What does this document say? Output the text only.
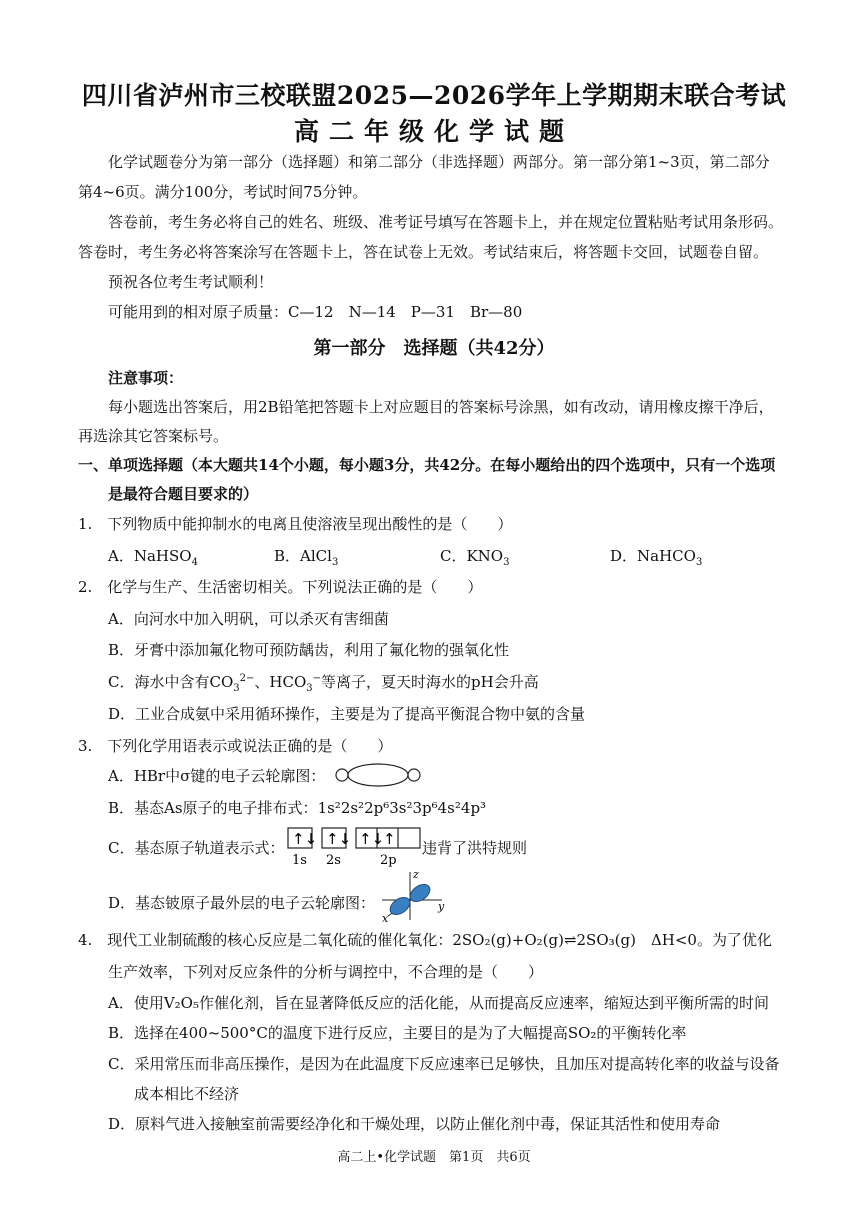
四川省泸州市三校联盟2025—2026学年上学期期末联合考试
高二年级化学试题
化学试题卷分为第一部分（选择题）和第二部分（非选择题）两部分。第一部分第1~3页，第二部分
第4~6页。满分100分，考试时间75分钟。
答卷前，考生务必将自己的姓名、班级、准考证号填写在答题卡上，并在规定位置粘贴考试用条形码。
答卷时，考生务必将答案涂写在答题卡上，答在试卷上无效。考试结束后，将答题卡交回，试题卷自留。
预祝各位考生考试顺利！
可能用到的相对原子质量：C—12　N—14　P—31　Br—80
第一部分　选择题（共42分）
注意事项：
每小题选出答案后，用2B铅笔把答题卡上对应题目的答案标号涂黑，如有改动，请用橡皮擦干净后，
再选涂其它答案标号。
一、单项选择题（本大题共14个小题，每小题3分，共42分。在每小题给出的四个选项中，只有一个选项
是最符合题目要求的）
1.　下列物质中能抑制水的电离且使溶液呈现出酸性的是（　　）
A．NaHSO$_4$	B．AlCl$_3$	C．$KNO_3$	D．NaHCO$_3$
2.　化学与生产、生活密切相关。下列说法正确的是（　　）
A．向河水中加入明矾，可以杀灭有害细菌
B．牙膏中添加氟化物可预防龋齿，利用了氟化物的强氧化性
C．海水中含有$CO_3^{2-}$、$HCO_3^-$等离子，夏天时海水的pH会升高
D．工业合成氨中采用循环操作，主要是为了提高平衡混合物中氨的含量
3.　下列化学用语表示或说法正确的是（　　）
A．HBr中σ键的电子云轮廓图：
B．基态As原子的电子排布式：1s²2s²2p⁶3s²3p⁶4s²4p³
C．基态原子轨道表示式： ↑↓ ↑↓ ↑↓
↑
1s 2s	2p
违背了洪特规则
D．基态铍原子最外层的电子云轮廓图：
z
y
x
4.　现代工业制硫酸的核心反应是二氧化硫的催化氧化：2SO₂(g)+O₂(g)⇌2SO₃(g)　ΔH<0。为了优化
生产效率，下列对反应条件的分析与调控中，不合理的是（　　）
A．使用V₂O₅作催化剂，旨在显著降低反应的活化能，从而提高反应速率，缩短达到平衡所需的时间
B．选择在400~500°C的温度下进行反应，主要目的是为了大幅提高SO₂的平衡转化率
C．采用常压而非高压操作，是因为在此温度下反应速率已足够快，且加压对提高转化率的收益与设备
成本相比不经济
D．原料气进入接触室前需要经净化和干燥处理，以防止催化剂中毒，保证其活性和使用寿命
高二上•化学试题　第1页　共6页
